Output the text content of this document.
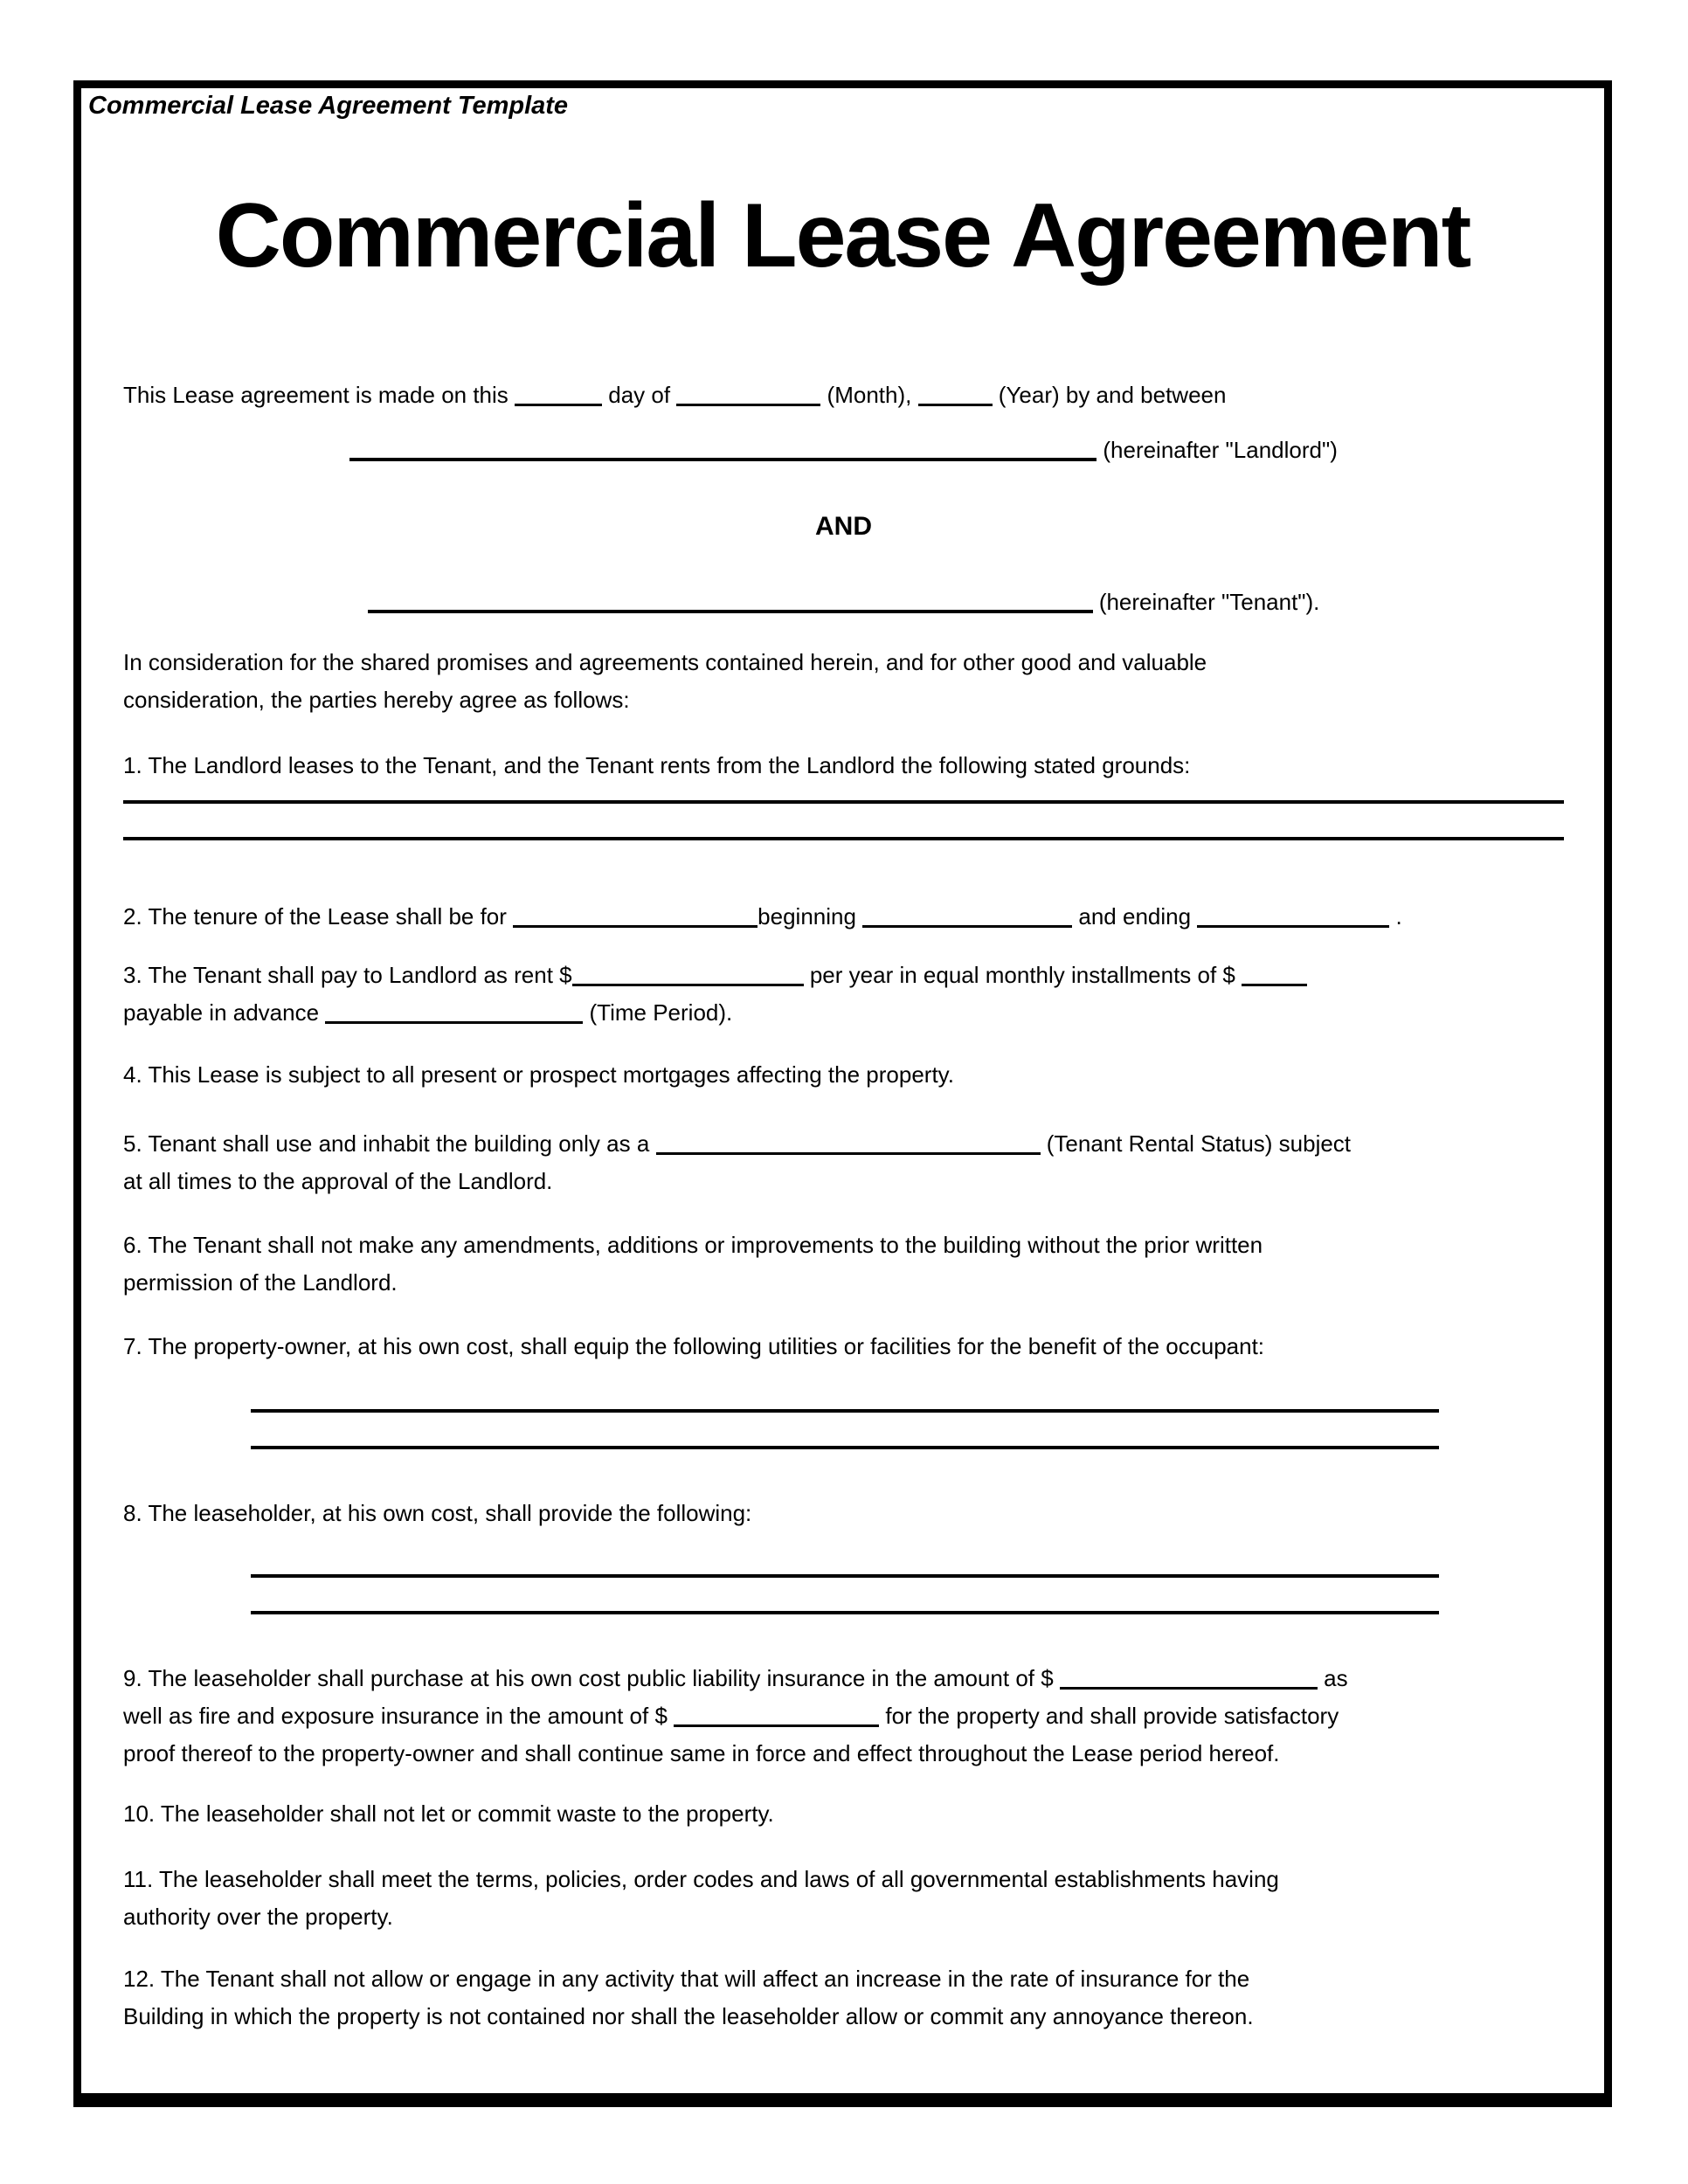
Commercial Lease Agreement Template
Commercial Lease Agreement

This Lease agreement is made on this	day of	(Month),	(Year) by and between

(hereinafter "Landlord")

AND

(hereinafter "Tenant").

In consideration for the shared promises and agreements contained herein, and for other good and valuable
consideration, the parties hereby agree as follows:

1. The Landlord leases to the Tenant, and the Tenant rents from the Landlord the following stated grounds:

2. The tenure of the Lease shall be for	beginning	and ending	.

3. The Tenant shall pay to Landlord as rent $	per year in equal monthly installments of $
payable in advance	(Time Period).

4. This Lease is subject to all present or prospect mortgages affecting the property.

5. Tenant shall use and inhabit the building only as a	(Tenant Rental Status) subject
at all times to the approval of the Landlord.

6. The Tenant shall not make any amendments, additions or improvements to the building without the prior written
permission of the Landlord.

7. The property-owner, at his own cost, shall equip the following utilities or facilities for the benefit of the occupant:

8. The leaseholder, at his own cost, shall provide the following:

9. The leaseholder shall purchase at his own cost public liability insurance in the amount of $	as
well as fire and exposure insurance in the amount of $	for the property and shall provide satisfactory
proof thereof to the property-owner and shall continue same in force and effect throughout the Lease period hereof.

10. The leaseholder shall not let or commit waste to the property.

11. The leaseholder shall meet the terms, policies, order codes and laws of all governmental establishments having
authority over the property.

12. The Tenant shall not allow or engage in any activity that will affect an increase in the rate of insurance for the
Building in which the property is not contained nor shall the leaseholder allow or commit any annoyance thereon.
